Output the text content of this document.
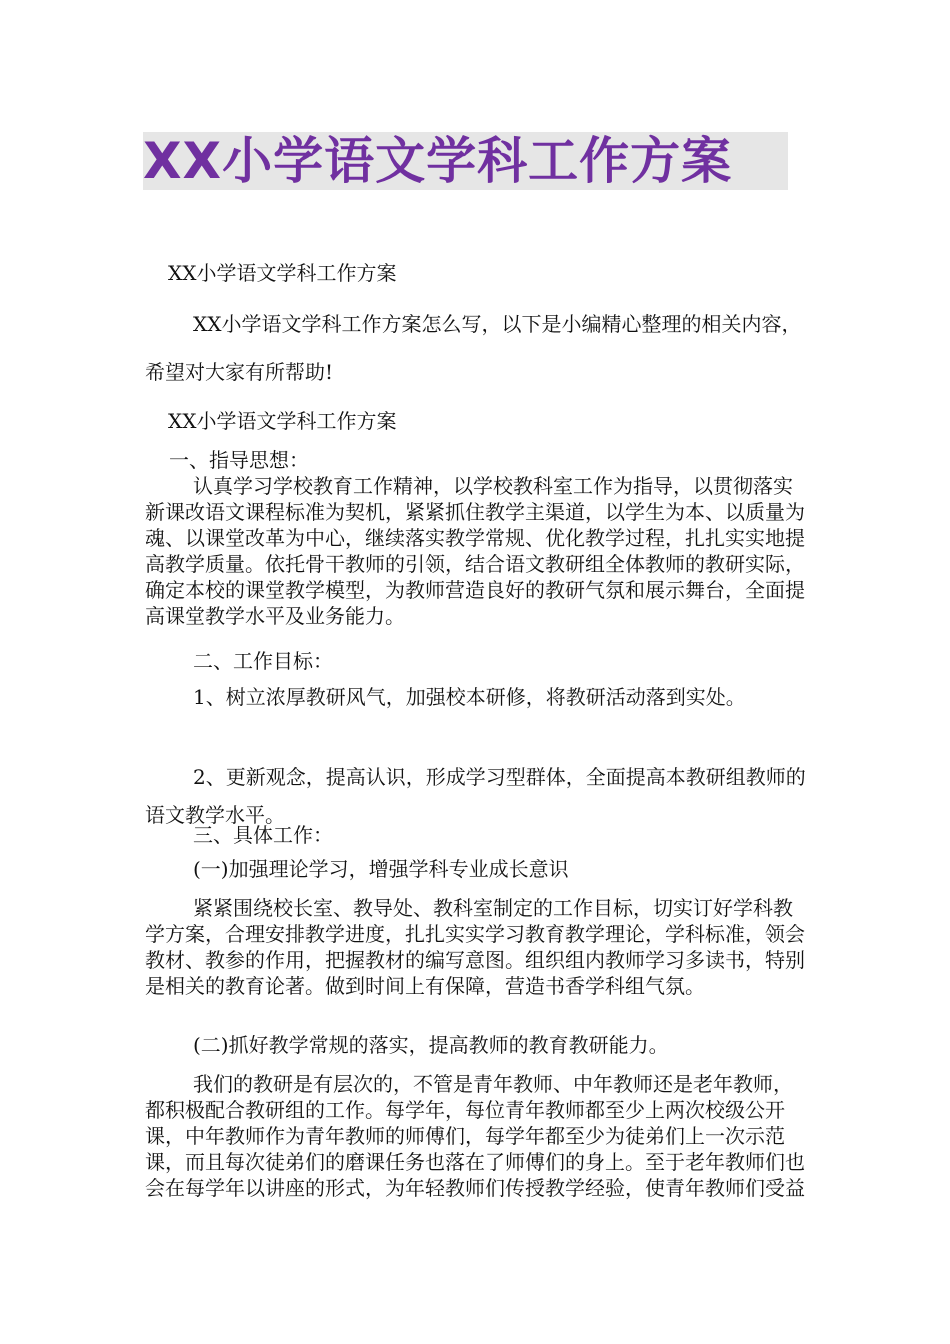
XX小学语文学科工作方案

XX小学语文学科工作方案

XX小学语文学科工作方案怎么写，以下是小编精心整理的相关内容，希望对大家有所帮助!

XX小学语文学科工作方案

一、指导思想：

认真学习学校教育工作精神，以学校教科室工作为指导，以贯彻落实新课改语文课程标准为契机，紧紧抓住教学主渠道，以学生为本、以质量为魂、以课堂改革为中心，继续落实教学常规、优化教学过程，扎扎实实地提高教学质量。依托骨干教师的引领，结合语文教研组全体教师的教研实际，确定本校的课堂教学模型，为教师营造良好的教研气氛和展示舞台，全面提高课堂教学水平及业务能力。

二、工作目标：

1、树立浓厚教研风气，加强校本研修，将教研活动落到实处。

2、更新观念，提高认识，形成学习型群体，全面提高本教研组教师的语文教学水平。

三、具体工作：

(一)加强理论学习，增强学科专业成长意识

紧紧围绕校长室、教导处、教科室制定的工作目标，切实订好学科教学方案，合理安排教学进度，扎扎实实学习教育教学理论，学科标准，领会教材、教参的作用，把握教材的编写意图。组织组内教师学习多读书，特别是相关的教育论著。做到时间上有保障，营造书香学科组气氛。

(二)抓好教学常规的落实，提高教师的教育教研能力。

我们的教研是有层次的，不管是青年教师、中年教师还是老年教师，都积极配合教研组的工作。每学年，每位青年教师都至少上两次校级公开课，中年教师作为青年教师的师傅们，每学年都至少为徒弟们上一次示范课，而且每次徒弟们的磨课任务也落在了师傅们的身上。至于老年教师们也会在每学年以讲座的形式，为年轻教师们传授教学经验，使青年教师们受益
